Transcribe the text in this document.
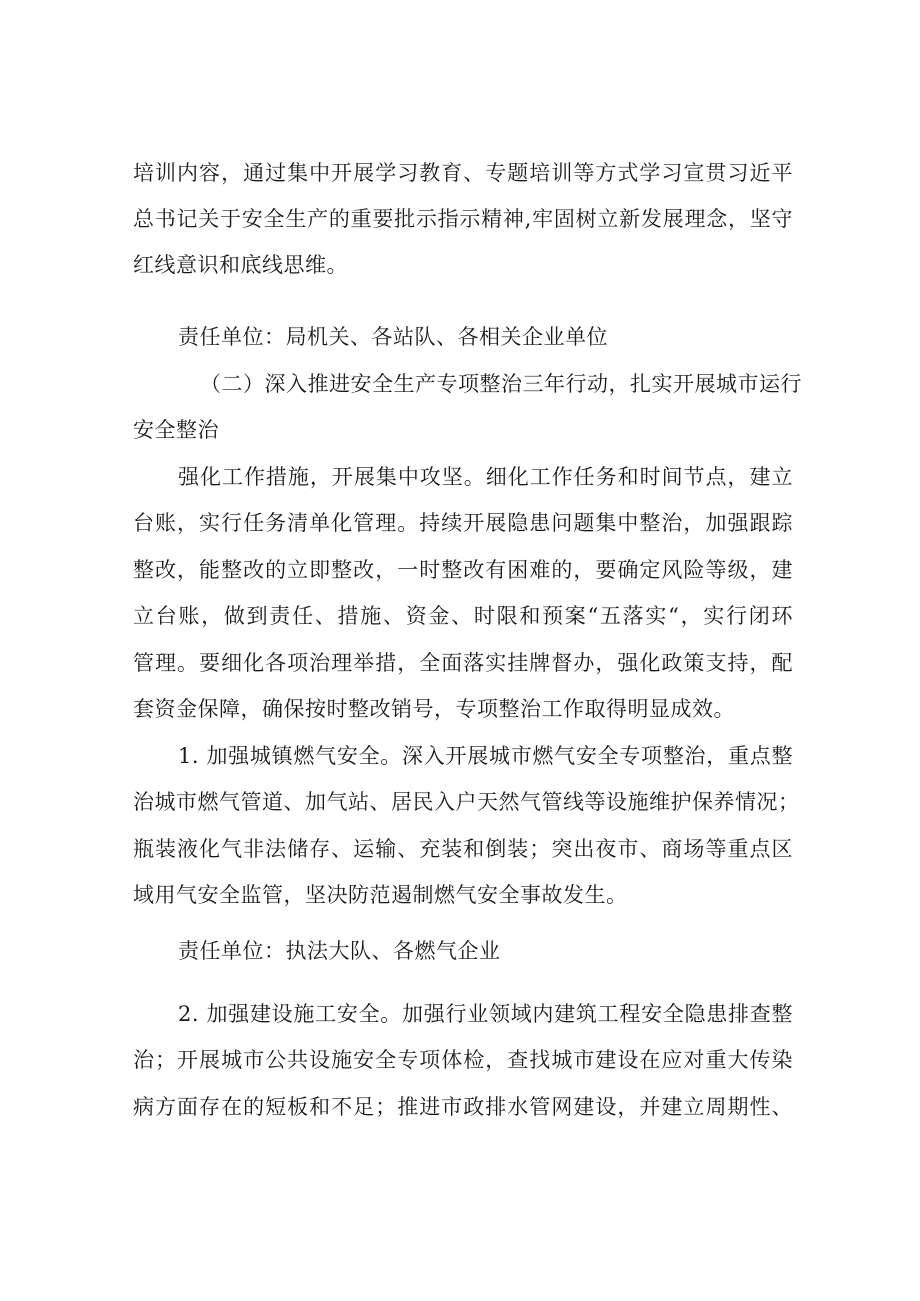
培训内容，通过集中开展学习教育、专题培训等方式学习宣贯习近平
总书记关于安全生产的重要批示指示精神,牢固树立新发展理念，坚守
红线意识和底线思维。
责任单位：局机关、各站队、各相关企业单位
（二）深入推进安全生产专项整治三年行动，扎实开展城市运行
安全整治
强化工作措施，开展集中攻坚。细化工作任务和时间节点，建立
台账，实行任务清单化管理。持续开展隐患问题集中整治，加强跟踪
整改，能整改的立即整改，一时整改有困难的，要确定风险等级，建
立台账，做到责任、措施、资金、时限和预案“五落实“，实行闭环
管理。要细化各项治理举措，全面落实挂牌督办，强化政策支持，配
套资金保障，确保按时整改销号，专项整治工作取得明显成效。
1. 加强城镇燃气安全。深入开展城市燃气安全专项整治，重点整
治城市燃气管道、加气站、居民入户天然气管线等设施维护保养情况；
瓶装液化气非法储存、运输、充装和倒装；突出夜市、商场等重点区
域用气安全监管，坚决防范遏制燃气安全事故发生。
责任单位：执法大队、各燃气企业
2. 加强建设施工安全。加强行业领域内建筑工程安全隐患排查整
治；开展城市公共设施安全专项体检，查找城市建设在应对重大传染
病方面存在的短板和不足；推进市政排水管网建设，并建立周期性、
